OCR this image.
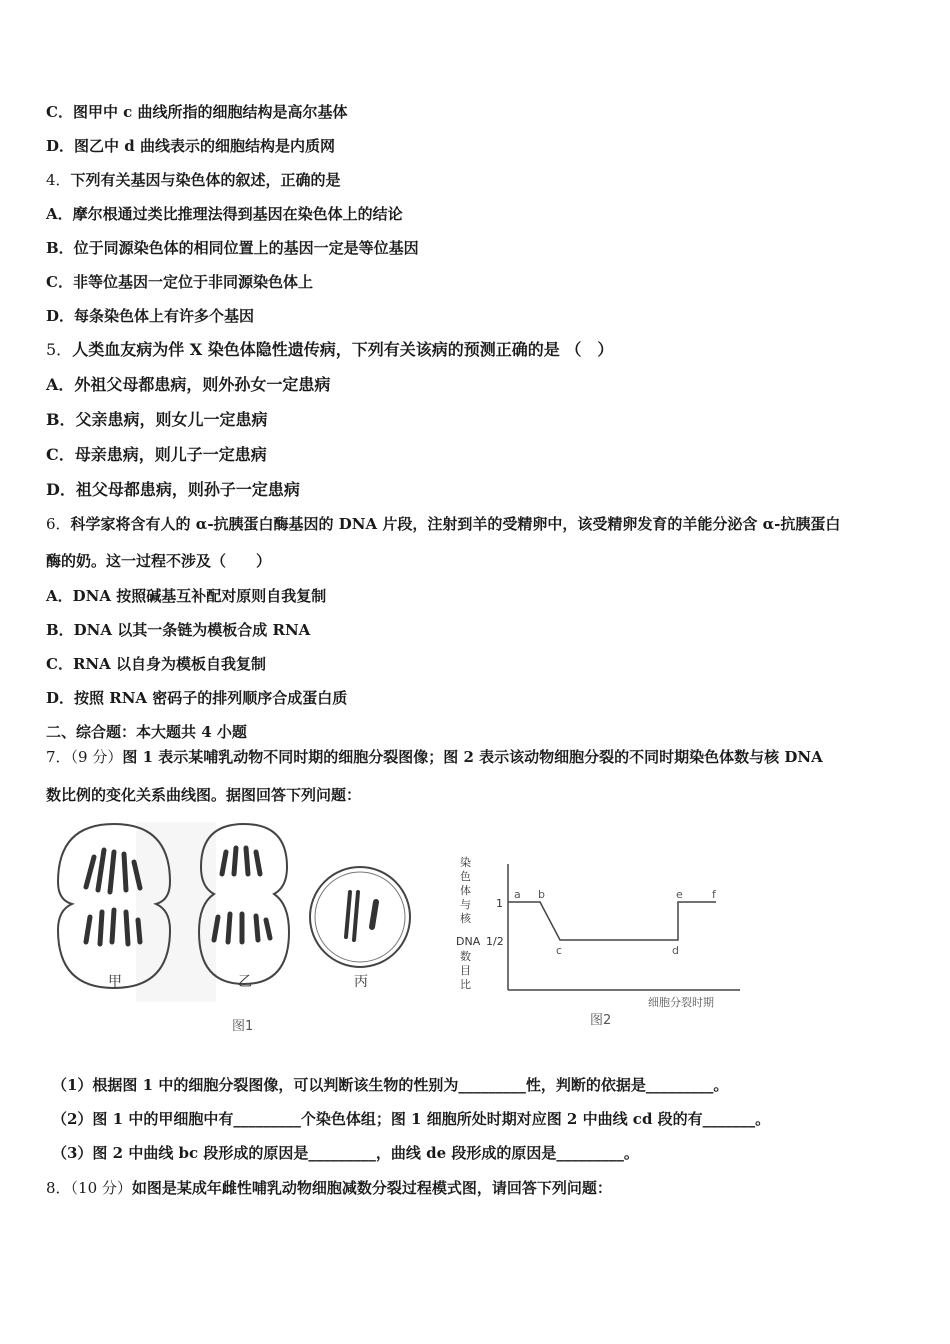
C．图甲中 c 曲线所指的细胞结构是高尔基体
D．图乙中 d 曲线表示的细胞结构是内质网
4．下列有关基因与染色体的叙述，正确的是
A．摩尔根通过类比推理法得到基因在染色体上的结论
B．位于同源染色体的相同位置上的基因一定是等位基因
C．非等位基因一定位于非同源染色体上
D．每条染色体上有许多个基因
5．人类血友病为伴 X 染色体隐性遗传病，下列有关该病的预测正确的是 （　）
A．外祖父母都患病，则外孙女一定患病
B．父亲患病，则女儿一定患病
C．母亲患病，则儿子一定患病
D．祖父母都患病，则孙子一定患病
6．科学家将含有人的 α-抗胰蛋白酶基因的 DNA 片段，注射到羊的受精卵中，该受精卵发育的羊能分泌含 α-抗胰蛋白
酶的奶。这一过程不涉及（　　）
A．DNA 按照碱基互补配对原则自我复制
B．DNA 以其一条链为模板合成 RNA
C．RNA 以自身为模板自我复制
D．按照 RNA 密码子的排列顺序合成蛋白质
二、综合题：本大题共 4 小题
7．（9 分）图 1 表示某哺乳动物不同时期的细胞分裂图像；图 2 表示该动物细胞分裂的不同时期染色体数与核 DNA
数比例的变化关系曲线图。据图回答下列问题：
甲	乙
图1
丙
染
色
体
与
核
DNA
数
目
比
1
1/2
a b
c	d
e	f
细胞分裂时期
图2
（1）根据图 1 中的细胞分裂图像，可以判断该生物的性别为_________性，判断的依据是_________。
（2）图 1 中的甲细胞中有_________个染色体组；图 1 细胞所处时期对应图 2 中曲线 cd 段的有_______。
（3）图 2 中曲线 bc 段形成的原因是_________，曲线 de 段形成的原因是_________。
8．（10 分）如图是某成年雌性哺乳动物细胞减数分裂过程模式图，请回答下列问题：
